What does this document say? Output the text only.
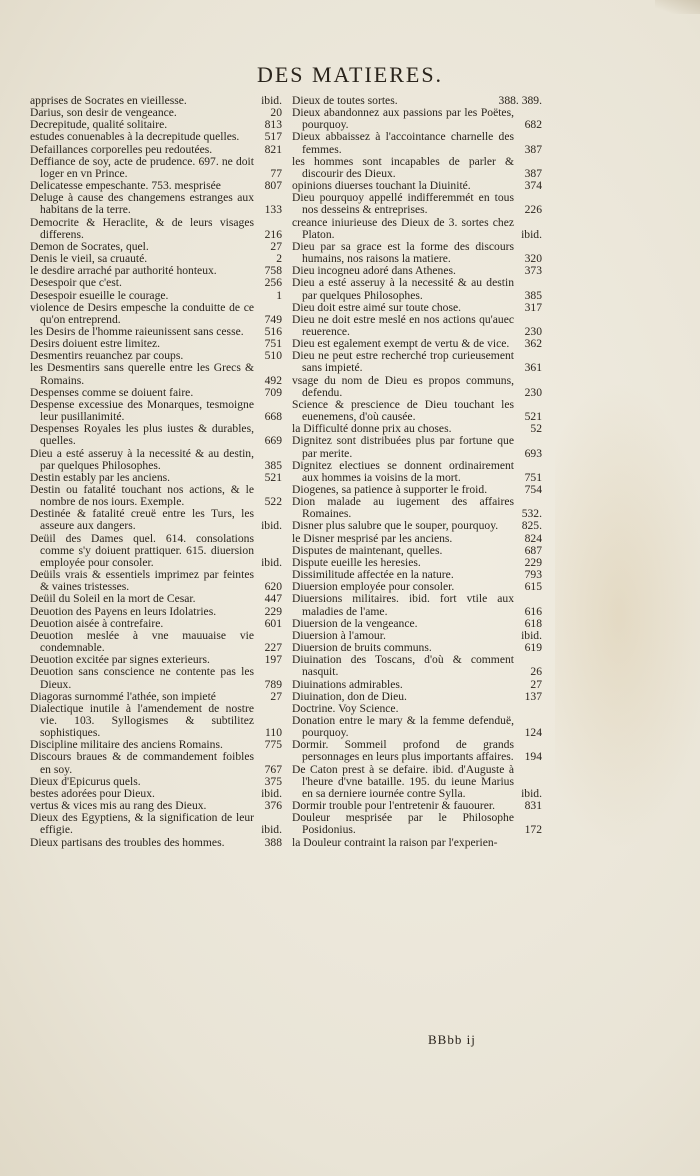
DES MATIERES.
apprises de Socrates en vieillesse.	ibid.
Darius, son desir de vengeance.	20
Decrepitude, qualité solitaire.	813
estudes conuenables à la decrepitude quelles. 517
Defaillances corporelles peu redoutées.	821
Deffiance de soy, acte de prudence. 697. ne doit loger en vn Prince.	77
Delicatesse empeschante. 753. mesprisée	807
Deluge à cause des changemens estranges aux habitans de la terre.	133
Democrite & Heraclite, & de leurs visages differens.	216
Demon de Socrates, quel.	27
Denis le vieil, sa cruauté.	2
le desdire arraché par authorité honteux.	758
Desespoir que c'est.	256
Desespoir esueille le courage.	1
violence de Desirs empesche la conduitte de ce qu'on entreprend.	749
les Desirs de l'homme raieunissent sans cesse. 516
Desirs doiuent estre limitez.	751
Desmentirs reuanchez par coups.	510
les Desmentirs sans querelle entre les Grecs & Romains.	492
Despenses comme se doiuent faire.	709
Despense excessiue des Monarques, tesmoigne leur pusillanimité.	668
Despenses Royales les plus iustes & durables, quelles.	669
Dieu a esté asseruy à la necessité & au destin, par quelques Philosophes.	385
Destin estably par les anciens.	521
Destin ou fatalité touchant nos actions, & le nombre de nos iours. Exemple.	522
Destinée & fatalité creuë entre les Turs, les asseure aux dangers.	ibid.
Deüil des Dames quel. 614. consolations comme s'y doiuent prattiquer. 615. diuersion employée pour consoler.	ibid.
Deüils vrais & essentiels imprimez par feintes & vaines tristesses.	620
Deüil du Soleil en la mort de Cesar.	447
Deuotion des Payens en leurs Idolatries.	229
Deuotion aisée à contrefaire.	601
Deuotion meslée à vne mauuaise vie condemnable.	227
Deuotion excitée par signes exterieurs.	197
Deuotion sans conscience ne contente pas les Dieux.	789
Diagoras surnommé l'athée, son impieté	27
Dialectique inutile à l'amendement de nostre vie. 103. Syllogismes & subtilitez sophistiques.	110
Discipline militaire des anciens Romains.	775
Discours braues & de commandement foibles en soy.	767
Dieux d'Epicurus quels.	375
bestes adorées pour Dieux.	ibid.
vertus & vices mis au rang des Dieux.	376
Dieux des Egyptiens, & la signification de leur effigie.	ibid.
Dieux partisans des troubles des hommes.	388
Dieux de toutes sortes.	388. 389.
Dieux abandonnez aux passions par les Poëtes, pourquoy.	682
Dieux abbaissez à l'accointance charnelle des femmes.	387
les hommes sont incapables de parler & discourir des Dieux.	387
opinions diuerses touchant la Diuinité.	374
Dieu pourquoy appellé indifferemmét en tous nos desseins & entreprises.	226
creance iniurieuse des Dieux de 3. sortes chez Platon.	ibid.
Dieu par sa grace est la forme des discours humains, nos raisons la matiere.	320
Dieu incogneu adoré dans Athenes.	373
Dieu a esté asseruy à la necessité & au destin par quelques Philosophes.	385
Dieu doit estre aimé sur toute chose.	317
Dieu ne doit estre meslé en nos actions qu'auec reuerence.	230
Dieu est egalement exempt de vertu & de vice. 362
Dieu ne peut estre recherché trop curieusement sans impieté.	361
vsage du nom de Dieu es propos communs, defendu.	230
Science & prescience de Dieu touchant les euenemens, d'où causée.	521
la Difficulté donne prix au choses.	52
Dignitez sont distribuées plus par fortune que par merite.	693
Dignitez electiues se donnent ordinairement aux hommes ia voisins de la mort.	751
Diogenes, sa patience à supporter le froid.	754
Dion malade au iugement des affaires Romaines.	532.
Disner plus salubre que le souper, pourquoy. 825.
le Disner mesprisé par les anciens.	824
Disputes de maintenant, quelles.	687
Dispute eueille les heresies.	229
Dissimilitude affectée en la nature.	793
Diuersion employée pour consoler.	615
Diuersions militaires. ibid. fort vtile aux maladies de l'ame.	616
Diuersion de la vengeance.	618
Diuersion à l'amour.	ibid.
Diuersion de bruits communs.	619
Diuination des Toscans, d'où & comment nasquit.	26
Diuinations admirables.	27
Diuination, don de Dieu.	137
Doctrine. Voy Science.
Donation entre le mary & la femme defenduë, pourquoy.	124
Dormir. Sommeil profond de grands personnages en leurs plus importants affaires. 194
De Caton prest à se defaire. ibid. d'Auguste à l'heure d'vne bataille. 195. du ieune Marius en sa derniere iournée contre Sylla.	ibid.
Dormir trouble pour l'entretenir & fauourer.	831
Douleur mesprisée par le Philosophe Posidonius.	172
la Douleur contraint la raison par l'experien-
BBbb ij
